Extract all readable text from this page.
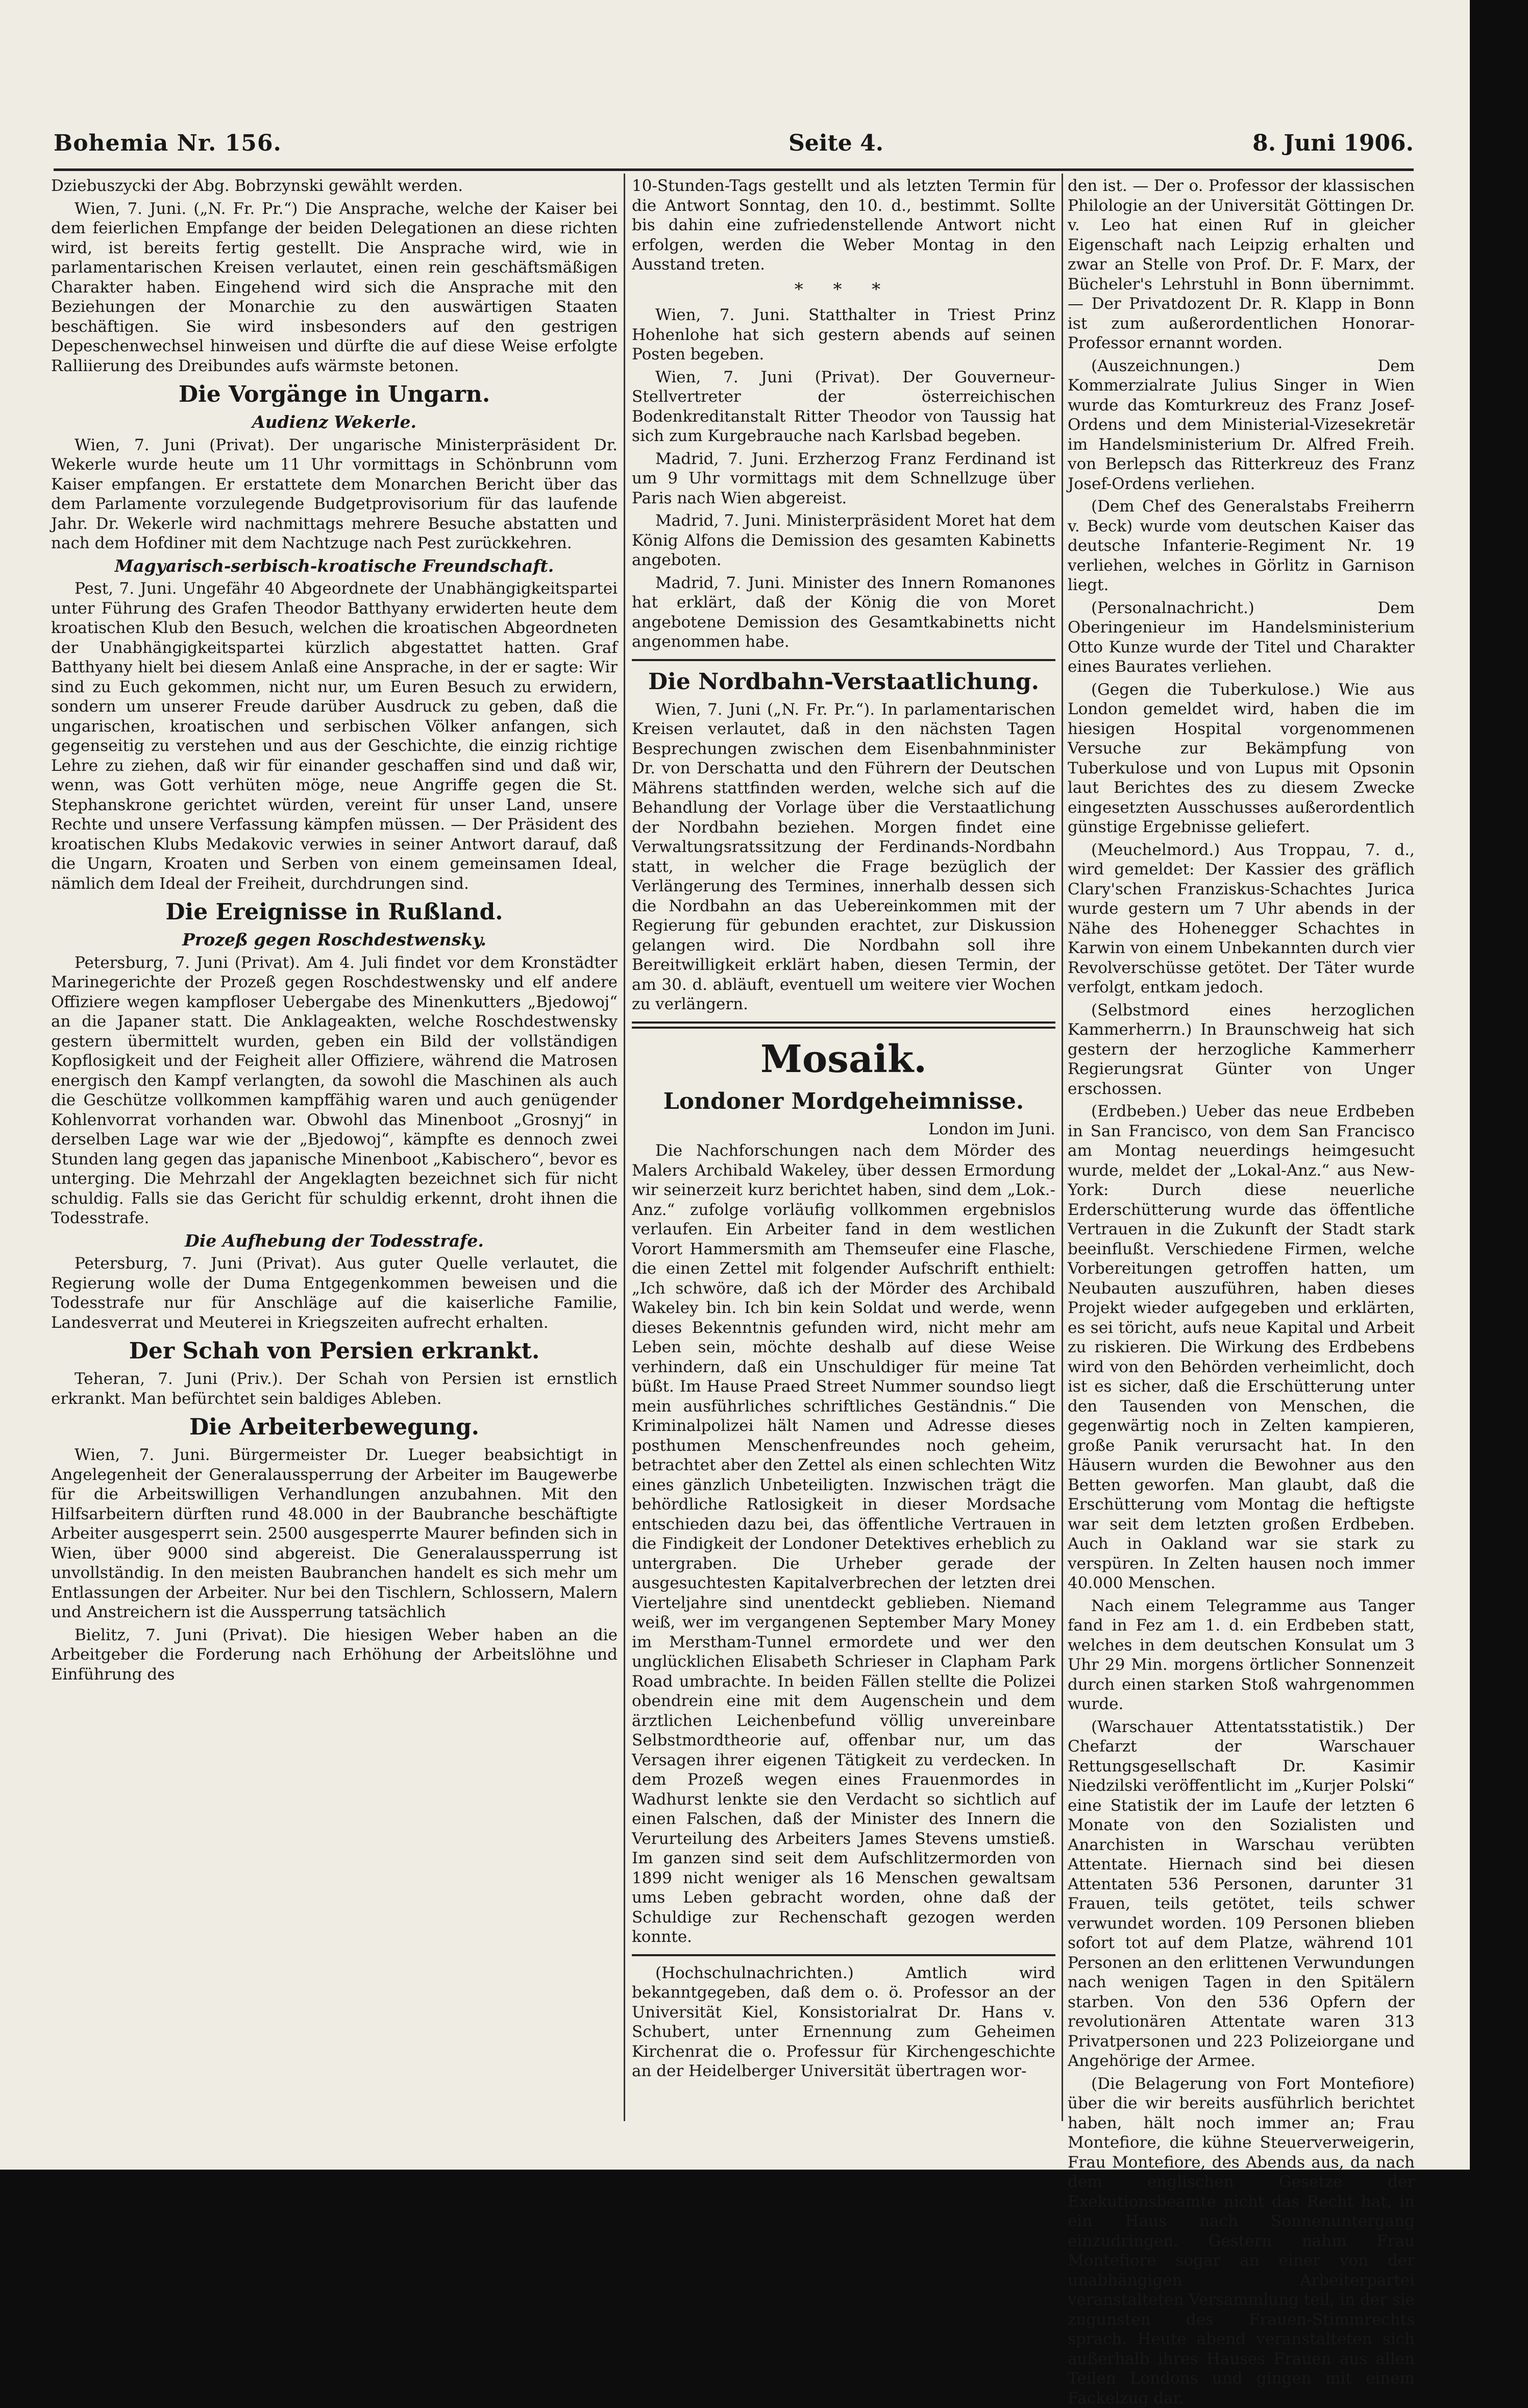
Bohemia Nr. 156.	Seite 4.	8. Juni 1906.

Dziebuszycki der Abg. Bobrzynski gewählt werden.

Wien, 7. Juni. („N. Fr. Pr.“) Die Ansprache, welche der Kaiser bei dem feierlichen Empfange der beiden Delegationen an diese richten wird, ist bereits fertig gestellt. Die Ansprache wird, wie in parlamentarischen Kreisen verlautet, einen rein geschäftsmäßigen Charakter haben. Eingehend wird sich die Ansprache mit den Beziehungen der Monarchie zu den auswärtigen Staaten beschäftigen. Sie wird insbesonders auf den gestrigen Depeschenwechsel hinweisen und dürfte die auf diese Weise erfolgte Ralliierung des Dreibundes aufs wärmste betonen.

Die Vorgänge in Ungarn.
Audienz Wekerle.

Wien, 7. Juni (Privat). Der ungarische Ministerpräsident Dr. Wekerle wurde heute um 11 Uhr vormittags in Schönbrunn vom Kaiser empfangen. Er erstattete dem Monarchen Bericht über das dem Parlamente vorzulegende Budgetprovisorium für das laufende Jahr. Dr. Wekerle wird nachmittags mehrere Besuche abstatten und nach dem Hofdiner mit dem Nachtzuge nach Pest zurückkehren.

Magyarisch-serbisch-kroatische Freundschaft.

Pest, 7. Juni. Ungefähr 40 Abgeordnete der Unabhängigkeitspartei unter Führung des Grafen Theodor Batthyany erwiderten heute dem kroatischen Klub den Besuch, welchen die kroatischen Abgeordneten der Unabhängigkeitspartei kürzlich abgestattet hatten. Graf Batthyany hielt bei diesem Anlaß eine Ansprache, in der er sagte: Wir sind zu Euch gekommen, nicht nur, um Euren Besuch zu erwidern, sondern um unserer Freude darüber Ausdruck zu geben, daß die ungarischen, kroatischen und serbischen Völker anfangen, sich gegenseitig zu verstehen und aus der Geschichte, die einzig richtige Lehre zu ziehen, daß wir für einander geschaffen sind und daß wir, wenn, was Gott verhüten möge, neue Angriffe gegen die St. Stephanskrone gerichtet würden, vereint für unser Land, unsere Rechte und unsere Verfassung kämpfen müssen. — Der Präsident des kroatischen Klubs Medakovic verwies in seiner Antwort darauf, daß die Ungarn, Kroaten und Serben von einem gemeinsamen Ideal, nämlich dem Ideal der Freiheit, durchdrungen sind.

Die Ereignisse in Rußland.
Prozeß gegen Roschdestwensky.

Petersburg, 7. Juni (Privat). Am 4. Juli findet vor dem Kronstädter Marinegerichte der Prozeß gegen Roschdestwensky und elf andere Offiziere wegen kampfloser Uebergabe des Minenkutters „Bjedowoj“ an die Japaner statt. Die Anklageakten, welche Roschdestwensky gestern übermittelt wurden, geben ein Bild der vollständigen Kopflosigkeit und der Feigheit aller Offiziere, während die Matrosen energisch den Kampf verlangten, da sowohl die Maschinen als auch die Geschütze vollkommen kampffähig waren und auch genügender Kohlenvorrat vorhanden war. Obwohl das Minenboot „Grosnyj“ in derselben Lage war wie der „Bjedowoj“, kämpfte es dennoch zwei Stunden lang gegen das japanische Minenboot „Kabischero“, bevor es unterging. Die Mehrzahl der Angeklagten bezeichnet sich für nicht schuldig. Falls sie das Gericht für schuldig erkennt, droht ihnen die Todesstrafe.

Die Aufhebung der Todesstrafe.

Petersburg, 7. Juni (Privat). Aus guter Quelle verlautet, die Regierung wolle der Duma Entgegenkommen beweisen und die Todesstrafe nur für Anschläge auf die kaiserliche Familie, Landesverrat und Meuterei in Kriegszeiten aufrecht erhalten.

Der Schah von Persien erkrankt.

Teheran, 7. Juni (Priv.). Der Schah von Persien ist ernstlich erkrankt. Man befürchtet sein baldiges Ableben.

Die Arbeiterbewegung.

Wien, 7. Juni. Bürgermeister Dr. Lueger beabsichtigt in Angelegenheit der Generalaussperrung der Arbeiter im Baugewerbe für die Arbeitswilligen Verhandlungen anzubahnen. Mit den Hilfsarbeitern dürften rund 48.000 in der Baubranche beschäftigte Arbeiter ausgesperrt sein. 2500 ausgesperrte Maurer befinden sich in Wien, über 9000 sind abgereist. Die Generalaussperrung ist unvollständig. In den meisten Baubranchen handelt es sich mehr um Entlassungen der Arbeiter. Nur bei den Tischlern, Schlossern, Malern und Anstreichern ist die Aussperrung tatsächlich

Bielitz, 7. Juni (Privat). Die hiesigen Weber haben an die Arbeitgeber die Forderung nach Erhöhung der Arbeitslöhne und Einführung des

10-Stunden-Tags gestellt und als letzten Termin für die Antwort Sonntag, den 10. d., bestimmt. Sollte bis dahin eine zufriedenstellende Antwort nicht erfolgen, werden die Weber Montag in den Ausstand treten.

* * *

Wien, 7. Juni. Statthalter in Triest Prinz Hohenlohe hat sich gestern abends auf seinen Posten begeben.

Wien, 7. Juni (Privat). Der Gouverneur-Stellvertreter der österreichischen Bodenkreditanstalt Ritter Theodor von Taussig hat sich zum Kurgebrauche nach Karlsbad begeben.

Madrid, 7. Juni. Erzherzog Franz Ferdinand ist um 9 Uhr vormittags mit dem Schnellzuge über Paris nach Wien abgereist.

Madrid, 7. Juni. Ministerpräsident Moret hat dem König Alfons die Demission des gesamten Kabinetts angeboten.

Madrid, 7. Juni. Minister des Innern Romanones hat erklärt, daß der König die von Moret angebotene Demission des Gesamtkabinetts nicht angenommen habe.

Die Nordbahn-Verstaatlichung.

Wien, 7. Juni („N. Fr. Pr.“). In parlamentarischen Kreisen verlautet, daß in den nächsten Tagen Besprechungen zwischen dem Eisenbahnminister Dr. von Derschatta und den Führern der Deutschen Mährens stattfinden werden, welche sich auf die Behandlung der Vorlage über die Verstaatlichung der Nordbahn beziehen. Morgen findet eine Verwaltungsratssitzung der Ferdinands-Nordbahn statt, in welcher die Frage bezüglich der Verlängerung des Termines, innerhalb dessen sich die Nordbahn an das Uebereinkommen mit der Regierung für gebunden erachtet, zur Diskussion gelangen wird. Die Nordbahn soll ihre Bereitwilligkeit erklärt haben, diesen Termin, der am 30. d. abläuft, eventuell um weitere vier Wochen zu verlängern.

Mosaik.
Londoner Mordgeheimnisse.
London im Juni.

Die Nachforschungen nach dem Mörder des Malers Archibald Wakeley, über dessen Ermordung wir seinerzeit kurz berichtet haben, sind dem „Lok.-Anz.“ zufolge vorläufig vollkommen ergebnislos verlaufen. Ein Arbeiter fand in dem westlichen Vorort Hammersmith am Themseufer eine Flasche, die einen Zettel mit folgender Aufschrift enthielt: „Ich schwöre, daß ich der Mörder des Archibald Wakeley bin. Ich bin kein Soldat und werde, wenn dieses Bekenntnis gefunden wird, nicht mehr am Leben sein, möchte deshalb auf diese Weise verhindern, daß ein Unschuldiger für meine Tat büßt. Im Hause Praed Street Nummer soundso liegt mein ausführliches schriftliches Geständnis.“ Die Kriminalpolizei hält Namen und Adresse dieses posthumen Menschenfreundes noch geheim, betrachtet aber den Zettel als einen schlechten Witz eines gänzlich Unbeteiligten. Inzwischen trägt die behördliche Ratlosigkeit in dieser Mordsache entschieden dazu bei, das öffentliche Vertrauen in die Findigkeit der Londoner Detektives erheblich zu untergraben. Die Urheber gerade der ausgesuchtesten Kapitalverbrechen der letzten drei Vierteljahre sind unentdeckt geblieben. Niemand weiß, wer im vergangenen September Mary Money im Merstham-Tunnel ermordete und wer den unglücklichen Elisabeth Schrieser in Clapham Park Road umbrachte. In beiden Fällen stellte die Polizei obendrein eine mit dem Augenschein und dem ärztlichen Leichenbefund völlig unvereinbare Selbstmordtheorie auf, offenbar nur, um das Versagen ihrer eigenen Tätigkeit zu verdecken. In dem Prozeß wegen eines Frauenmordes in Wadhurst lenkte sie den Verdacht so sichtlich auf einen Falschen, daß der Minister des Innern die Verurteilung des Arbeiters James Stevens umstieß. Im ganzen sind seit dem Aufschlitzermorden von 1899 nicht weniger als 16 Menschen gewaltsam ums Leben gebracht worden, ohne daß der Schuldige zur Rechenschaft gezogen werden konnte.

(Hochschulnachrichten.) Amtlich wird bekanntgegeben, daß dem o. ö. Professor an der Universität Kiel, Konsistorialrat Dr. Hans v. Schubert, unter Ernennung zum Geheimen Kirchenrat die o. Professur für Kirchengeschichte an der Heidelberger Universität übertragen wor-

den ist. — Der o. Professor der klassischen Philologie an der Universität Göttingen Dr. v. Leo hat einen Ruf in gleicher Eigenschaft nach Leipzig erhalten und zwar an Stelle von Prof. Dr. F. Marx, der Bücheler's Lehrstuhl in Bonn übernimmt. — Der Privatdozent Dr. R. Klapp in Bonn ist zum außerordentlichen Honorar-Professor ernannt worden.

(Auszeichnungen.) Dem Kommerzialrate Julius Singer in Wien wurde das Komturkreuz des Franz Josef-Ordens und dem Ministerial-Vizesekretär im Handelsministerium Dr. Alfred Freih. von Berlepsch das Ritterkreuz des Franz Josef-Ordens verliehen.

(Dem Chef des Generalstabs Freiherrn v. Beck) wurde vom deutschen Kaiser das deutsche Infanterie-Regiment Nr. 19 verliehen, welches in Görlitz in Garnison liegt.

(Personalnachricht.) Dem Oberingenieur im Handelsministerium Otto Kunze wurde der Titel und Charakter eines Baurates verliehen.

(Gegen die Tuberkulose.) Wie aus London gemeldet wird, haben die im hiesigen Hospital vorgenommenen Versuche zur Bekämpfung von Tuberkulose und von Lupus mit Opsonin laut Berichtes des zu diesem Zwecke eingesetzten Ausschusses außerordentlich günstige Ergebnisse geliefert.

(Meuchelmord.) Aus Troppau, 7. d., wird gemeldet: Der Kassier des gräflich Clary'schen Franziskus-Schachtes Jurica wurde gestern um 7 Uhr abends in der Nähe des Hohenegger Schachtes in Karwin von einem Unbekannten durch vier Revolverschüsse getötet. Der Täter wurde verfolgt, entkam jedoch.

(Selbstmord eines herzoglichen Kammerherrn.) In Braunschweig hat sich gestern der herzogliche Kammerherr Regierungsrat Günter von Unger erschossen.

(Erdbeben.) Ueber das neue Erdbeben in San Francisco, von dem San Francisco am Montag neuerdings heimgesucht wurde, meldet der „Lokal-Anz.“ aus New-York: Durch diese neuerliche Erderschütterung wurde das öffentliche Vertrauen in die Zukunft der Stadt stark beeinflußt. Verschiedene Firmen, welche Vorbereitungen getroffen hatten, um Neubauten auszuführen, haben dieses Projekt wieder aufgegeben und erklärten, es sei töricht, aufs neue Kapital und Arbeit zu riskieren. Die Wirkung des Erdbebens wird von den Behörden verheimlicht, doch ist es sicher, daß die Erschütterung unter den Tausenden von Menschen, die gegenwärtig noch in Zelten kampieren, große Panik verursacht hat. In den Häusern wurden die Bewohner aus den Betten geworfen. Man glaubt, daß die Erschütterung vom Montag die heftigste war seit dem letzten großen Erdbeben. Auch in Oakland war sie stark zu verspüren. In Zelten hausen noch immer 40.000 Menschen.

Nach einem Telegramme aus Tanger fand in Fez am 1. d. ein Erdbeben statt, welches in dem deutschen Konsulat um 3 Uhr 29 Min. morgens örtlicher Sonnenzeit durch einen starken Stoß wahrgenommen wurde.

(Warschauer Attentatsstatistik.) Der Chefarzt der Warschauer Rettungsgesellschaft Dr. Kasimir Niedzilski veröffentlicht im „Kurjer Polski“ eine Statistik der im Laufe der letzten 6 Monate von den Sozialisten und Anarchisten in Warschau verübten Attentate. Hiernach sind bei diesen Attentaten 536 Personen, darunter 31 Frauen, teils getötet, teils schwer verwundet worden. 109 Personen blieben sofort tot auf dem Platze, während 101 Personen an den erlittenen Verwundungen nach wenigen Tagen in den Spitälern starben. Von den 536 Opfern der revolutionären Attentate waren 313 Privatpersonen und 223 Polizeiorgane und Angehörige der Armee.

(Die Belagerung von Fort Montefiore) über die wir bereits ausführlich berichtet haben, hält noch immer an; Frau Montefiore, die kühne Steuerverweigerin, Frau Montefiore, des Abends aus, da nach dem englischen Gesetze der Exekutionsbeamte nicht das Recht hat, in ein Haus nach Sonnenuntergang einzudringen. Gestern nahm Frau Montefiore sogar an einer von der unabhängigen Arbeiterpartei veranstalteten Versammlung teil, in der sie zugunsten des Frauen-Stimmrechts sprach. Heute abend veranstalteten sich außerhalb ihres Hauses Frauen aus allen Teilen Londons und gingen mit einem Fackelzug dar.
